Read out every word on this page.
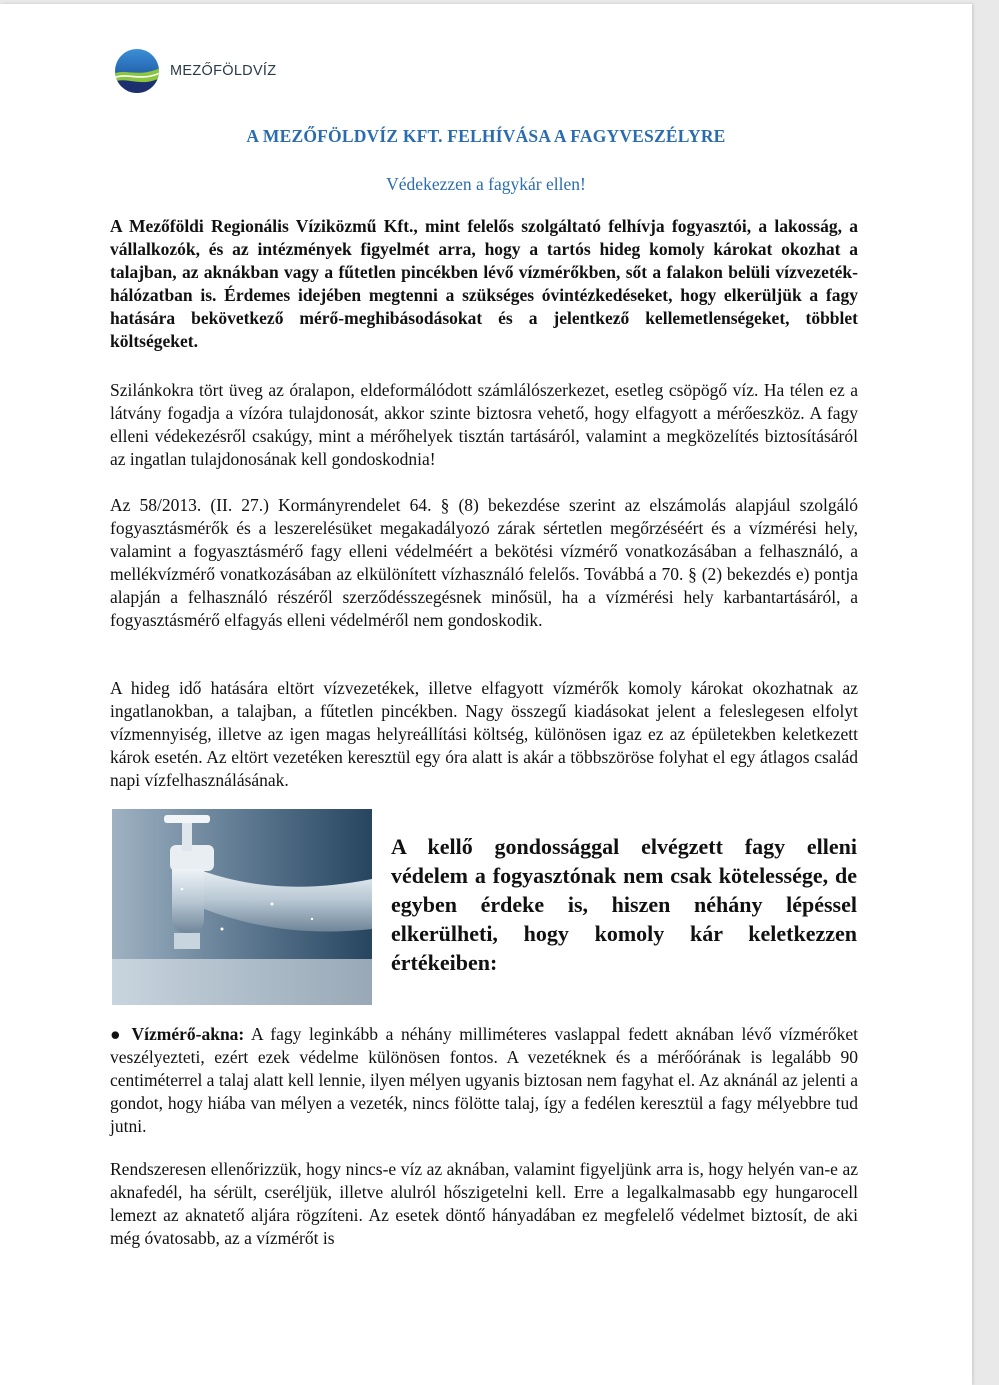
MEZŐFÖLDVÍZ
A MEZŐFÖLDVÍZ KFT. FELHÍVÁSA A FAGYVESZÉLYRE

Védekezzen a fagykár ellen!

A Mezőföldi Regionális Víziközmű Kft., mint felelős szolgáltató felhívja fogyasztói, a lakosság, a vállalkozók, és az intézmények figyelmét arra, hogy a tartós hideg komoly károkat okozhat a talajban, az aknákban vagy a fűtetlen pincékben lévő vízmérőkben, sőt a falakon belüli vízvezeték-hálózatban is. Érdemes idejében megtenni a szükséges óvintézkedéseket, hogy elkerüljük a fagy hatására bekövetkező mérő-meghibásodásokat és a jelentkező kellemetlenségeket, többlet költségeket.

Szilánkokra tört üveg az óralapon, eldeformálódott számlálószerkezet, esetleg csöpögő víz. Ha télen ez a látvány fogadja a vízóra tulajdonosát, akkor szinte biztosra vehető, hogy elfagyott a mérőeszköz. A fagy elleni védekezésről csakúgy, mint a mérőhelyek tisztán tartásáról, valamint a megközelítés biztosításáról az ingatlan tulajdonosának kell gondoskodnia!

Az 58/2013. (II. 27.) Kormányrendelet 64. § (8) bekezdése szerint az elszámolás alapjául szolgáló fogyasztásmérők és a leszerelésüket megakadályozó zárak sértetlen megőrzéséért és a vízmérési hely, valamint a fogyasztásmérő fagy elleni védelméért a bekötési vízmérő vonatkozásában a felhasználó, a mellékvízmérő vonatkozásában az elkülönített vízhasználó felelős. Továbbá a 70. § (2) bekezdés e) pontja alapján a felhasználó részéről szerződésszegésnek minősül, ha a vízmérési hely karbantartásáról, a fogyasztásmérő elfagyás elleni védelméről nem gondoskodik.

A hideg idő hatására eltört vízvezetékek, illetve elfagyott vízmérők komoly károkat okozhatnak az ingatlanokban, a talajban, a fűtetlen pincékben. Nagy összegű kiadásokat jelent a feleslegesen elfolyt vízmennyiség, illetve az igen magas helyreállítási költség, különösen igaz ez az épületekben keletkezett károk esetén. Az eltört vezetéken keresztül egy óra alatt is akár a többszöröse folyhat el egy átlagos család napi vízfelhasználásának.

A kellő gondossággal elvégzett fagy elleni védelem a fogyasztónak nem csak kötelessége, de egyben érdeke is, hiszen néhány lépéssel elkerülheti, hogy komoly kár keletkezzen értékeiben:

● Vízmérő-akna: A fagy leginkább a néhány milliméteres vaslappal fedett aknában lévő vízmérőket veszélyezteti, ezért ezek védelme különösen fontos. A vezetéknek és a mérőórának is legalább 90 centiméterrel a talaj alatt kell lennie, ilyen mélyen ugyanis biztosan nem fagyhat el. Az aknánál az jelenti a gondot, hogy hiába van mélyen a vezeték, nincs fölötte talaj, így a fedélen keresztül a fagy mélyebbre tud jutni.

Rendszeresen ellenőrizzük, hogy nincs-e víz az aknában, valamint figyeljünk arra is, hogy helyén van-e az aknafedél, ha sérült, cseréljük, illetve alulról hőszigetelni kell. Erre a legalkalmasabb egy hungarocell lemezt az aknatető aljára rögzíteni. Az esetek döntő hányadában ez megfelelő védelmet biztosít, de aki még óvatosabb, az a vízmérőt is
